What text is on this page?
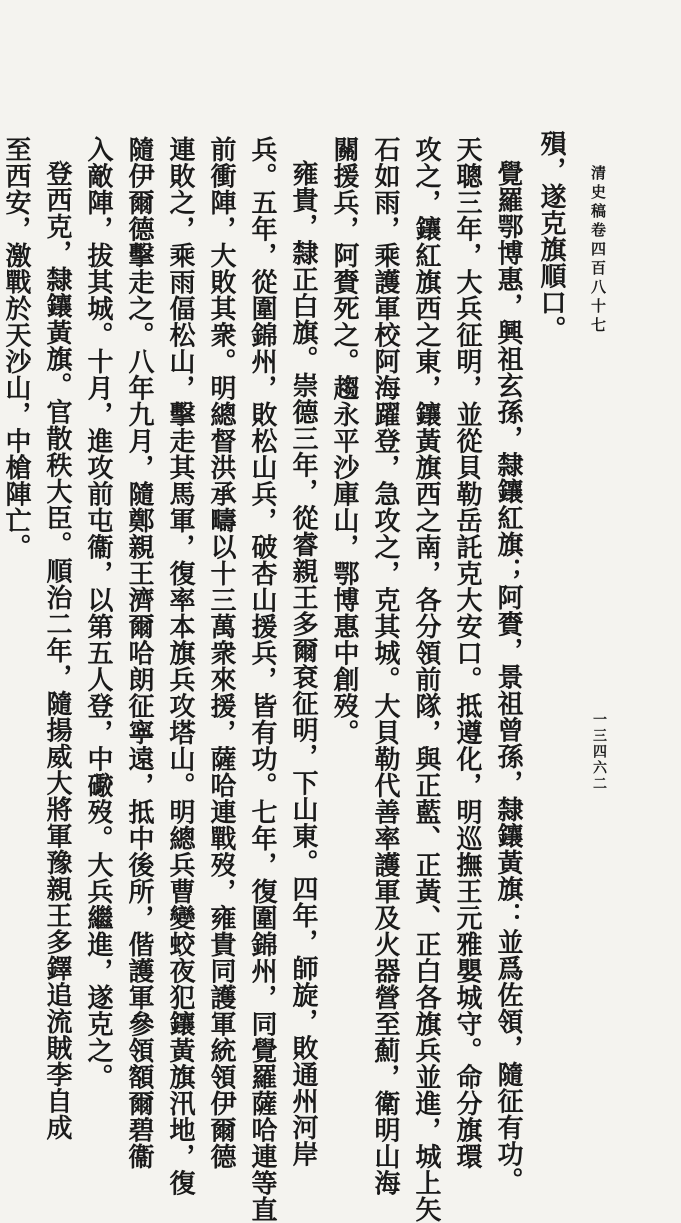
清史稿卷四百八十七
一三四六二
殞，遂克旗順口。
覺羅鄂博惠，興祖玄孫，隸鑲紅旗；阿賚，景祖曾孫，隸鑲黃旗：並爲佐領，隨征有功。
天聰三年，大兵征明，並從貝勒岳託克大安口。抵遵化，明巡撫王元雅嬰城守。命分旗環
攻之，鑲紅旗西之東，鑲黃旗西之南，各分領前隊，與正藍、正黃、正白各旗兵並進，城上矢
石如雨，乘護軍校阿海躍登，急攻之，克其城。大貝勒代善率護軍及火器營至薊，衛明山海
關援兵，阿賚死之。趨永平沙庫山，鄂博惠中創歿。
雍貴，隸正白旗。崇德三年，從睿親王多爾袞征明，下山東。四年，師旋，敗通州河岸
兵。五年，從圍錦州，敗松山兵，破杏山援兵，皆有功。七年，復圍錦州，同覺羅薩哈連等直
前衝陣，大敗其衆。明總督洪承疇以十三萬衆來援，薩哈連戰歿，雍貴同護軍統領伊爾德
連敗之，乘雨偪松山，擊走其馬軍，復率本旗兵攻塔山。明總兵曹變蛟夜犯鑲黃旗汛地，復
隨伊爾德擊走之。八年九月，隨鄭親王濟爾哈朗征寧遠，抵中後所，偕護軍參領額爾碧衞
入敵陣，拔其城。十月，進攻前屯衞，以第五人登，中礮歿。大兵繼進，遂克之。
登西克，隸鑲黃旗。官散秩大臣。順治二年，隨揚威大將軍豫親王多鐸追流賊李自成
至西安，激戰於天沙山，中槍陣亡。
